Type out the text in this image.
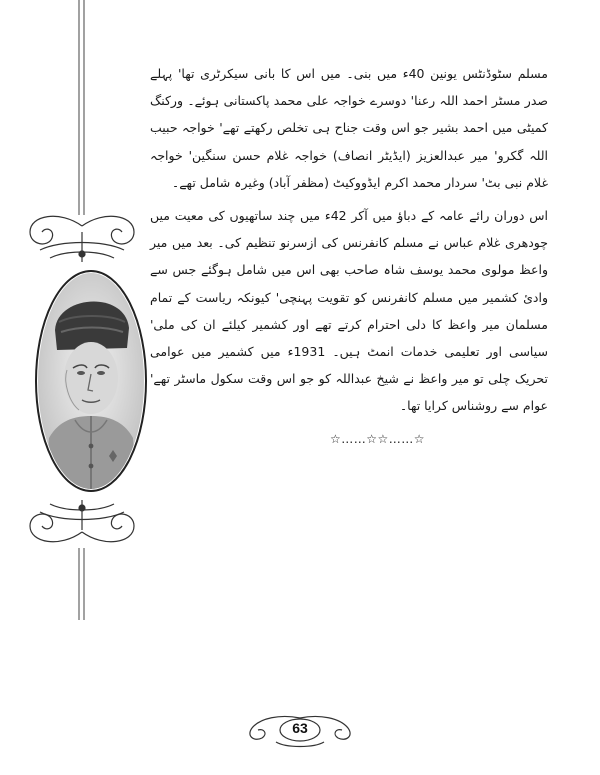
مسلم سٹوڈنٹس یونین 40ء میں بنی۔ میں اس کا بانی سیکرٹری تھا' پہلے صدر مسٹر احمد اللہ رعنا' دوسرے خواجہ علی محمد پاکستانی ہوئے۔ ورکنگ کمیٹی میں احمد بشیر جو اس وقت جناح ہی تخلص رکھتے تھے' خواجہ حبیب اللہ گکرو' میر عبدالعزیز (ایڈیٹر انصاف) خواجہ غلام حسن سنگین' خواجہ غلام نبی بٹ' سردار محمد اکرم ایڈووکیٹ (مظفر آباد) وغیرہ شامل تھے۔

اس دوران رائے عامہ کے دباؤ میں آکر 42ء میں چند ساتھیوں کی معیت میں چودھری غلام عباس نے مسلم کانفرنس کی ازسرنو تنظیم کی۔ بعد میں میر واعظ مولوی محمد یوسف شاہ صاحب بھی اس میں شامل ہوگئے جس سے وادئ کشمیر میں مسلم کانفرنس کو تقویت پہنچی' کیونکہ ریاست کے تمام مسلمان میر واعظ کا دلی احترام کرتے تھے اور کشمیر کیلئے ان کی ملی' سیاسی اور تعلیمی خدمات انمٹ ہیں۔ 1931ء میں کشمیر میں عوامی تحریک چلی تو میر واعظ نے شیخ عبداللہ کو جو اس وقت سکول ماسٹر تھے' عوام سے روشناس کرایا تھا۔

☆……☆☆……☆
63
